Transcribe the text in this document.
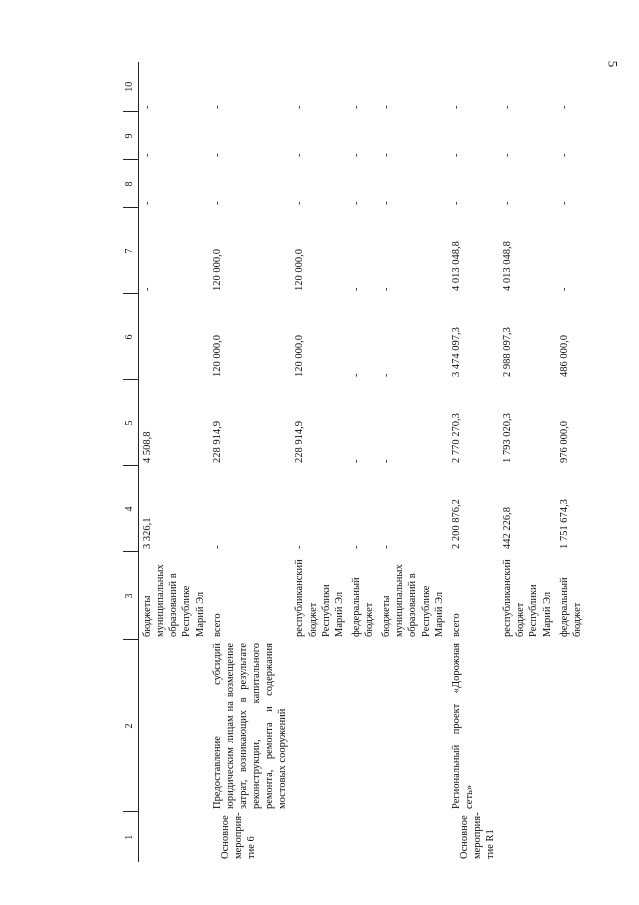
5
1	2	3	4	5	6	7	8	9	10
		бюджеты муниципальных образований в Республике Марий Эл	3 326,1	4 508,8		-	-	-	-
Основное мероприя-тие 6	Предоставление субсидий юридическим лицам на возмещение затрат, возникающих в результате реконструкции, капитального ремонта, ремонта и содержания мостовых сооружений	всего	-	228 914,9	120 000,0	120 000,0	-	-	-
		республиканский бюджет Республики Марий Эл	-	228 914,9	120 000,0	120 000,0	-	-	-
		федеральный бюджет	-	-	-	-	-	-	-
		бюджеты муниципальных образований в Республике Марий Эл	-	-	-	-	-	-	-
Основное мероприя-тие R1	Региональный проект «Дорожная сеть»	всего	2 200 876,2	2 770 270,3	3 474 097,3	4 013 048,8	-	-	-
		республиканский бюджет Республики Марий Эл	442 226,8	1 793 020,3	2 988 097,3	4 013 048,8	-	-	-
		федеральный бюджет	1 751 674,3	976 000,0	486 000,0	-	-	-	-
